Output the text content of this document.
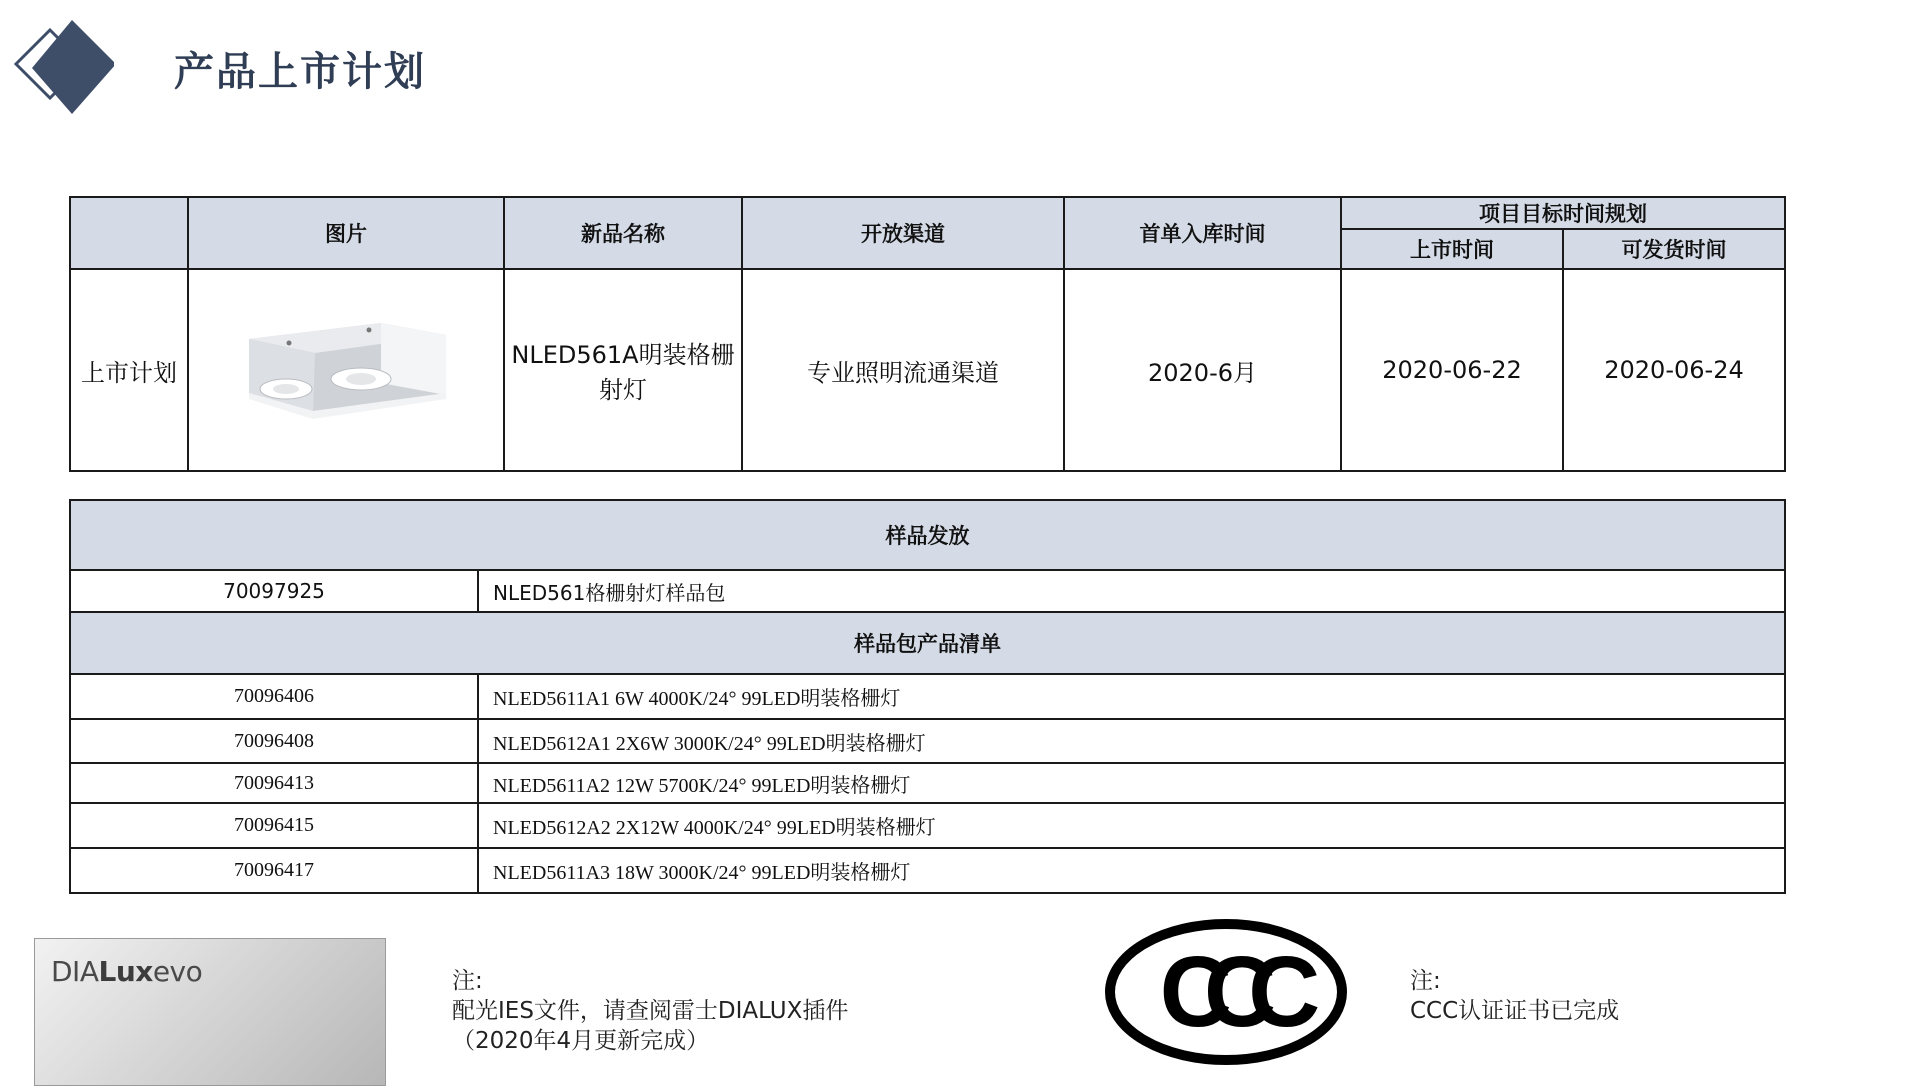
产品上市计划
	图片	新品名称	开放渠道	首单入库时间	项目目标时间规划	
					上市时间	可发货时间
上市计划		NLED561A明装格栅射灯	专业照明流通渠道	2020-6月	2020-06-22	2020-06-24
样品发放	
70097925	NLED561格栅射灯样品包
样品包产品清单	
70096406	NLED5611A1 6W 4000K/24° 99LED明装格栅灯
70096408	NLED5612A1 2X6W 3000K/24° 99LED明装格栅灯
70096413	NLED5611A2 12W 5700K/24° 99LED明装格栅灯
70096415	NLED5612A2 2X12W 4000K/24° 99LED明装格栅灯
70096417	NLED5611A3 18W 3000K/24° 99LED明装格栅灯
DIALuxevo	注:
配光IES文件，请查阅雷士DIALUX插件
（2020年4月更新完成）	CCC	注:
CCC认证证书已完成
